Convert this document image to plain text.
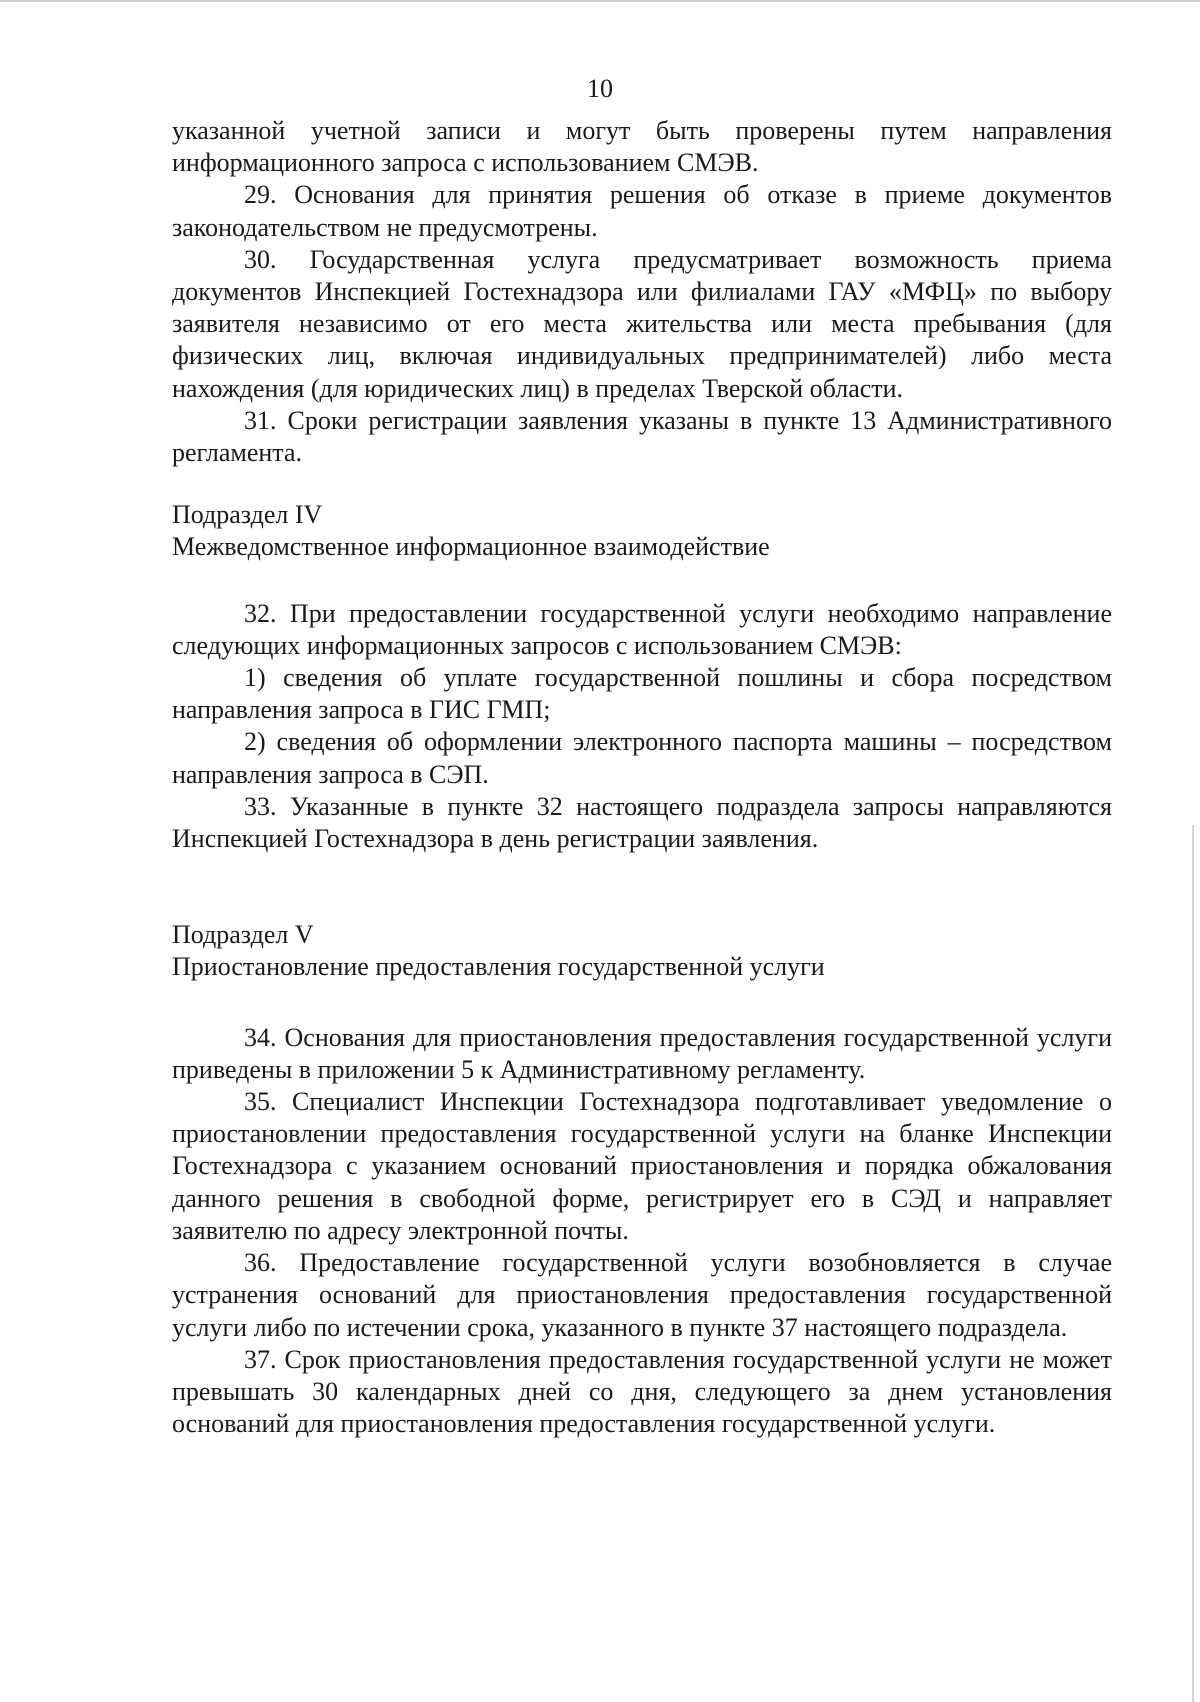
10

указанной учетной записи и могут быть проверены путем направления информационного запроса с использованием СМЭВ.

29. Основания для принятия решения об отказе в приеме документов законодательством не предусмотрены.

30. Государственная услуга предусматривает возможность приема документов Инспекцией Гостехнадзора или филиалами ГАУ «МФЦ» по выбору заявителя независимо от его места жительства или места пребывания (для физических лиц, включая индивидуальных предпринимателей) либо места нахождения (для юридических лиц) в пределах Тверской области.

31. Сроки регистрации заявления указаны в пункте 13 Административного регламента.

Подраздел IV

Межведомственное информационное взаимодействие

32. При предоставлении государственной услуги необходимо направление следующих информационных запросов с использованием СМЭВ:

1) сведения об уплате государственной пошлины и сбора посредством направления запроса в ГИС ГМП;

2) сведения об оформлении электронного паспорта машины – посредством направления запроса в СЭП.

33. Указанные в пункте 32 настоящего подраздела запросы направляются Инспекцией Гостехнадзора в день регистрации заявления.

Подраздел V

Приостановление предоставления государственной услуги

34. Основания для приостановления предоставления государственной услуги приведены в приложении 5 к Административному регламенту.

35. Специалист Инспекции Гостехнадзора подготавливает уведомление о приостановлении предоставления государственной услуги на бланке Инспекции Гостехнадзора с указанием оснований приостановления и порядка обжалования данного решения в свободной форме, регистрирует его в СЭД и направляет заявителю по адресу электронной почты.

36. Предоставление государственной услуги возобновляется в случае устранения оснований для приостановления предоставления государственной услуги либо по истечении срока, указанного в пункте 37 настоящего подраздела.

37. Срок приостановления предоставления государственной услуги не может превышать 30 календарных дней со дня, следующего за днем установления оснований для приостановления предоставления государственной услуги.
